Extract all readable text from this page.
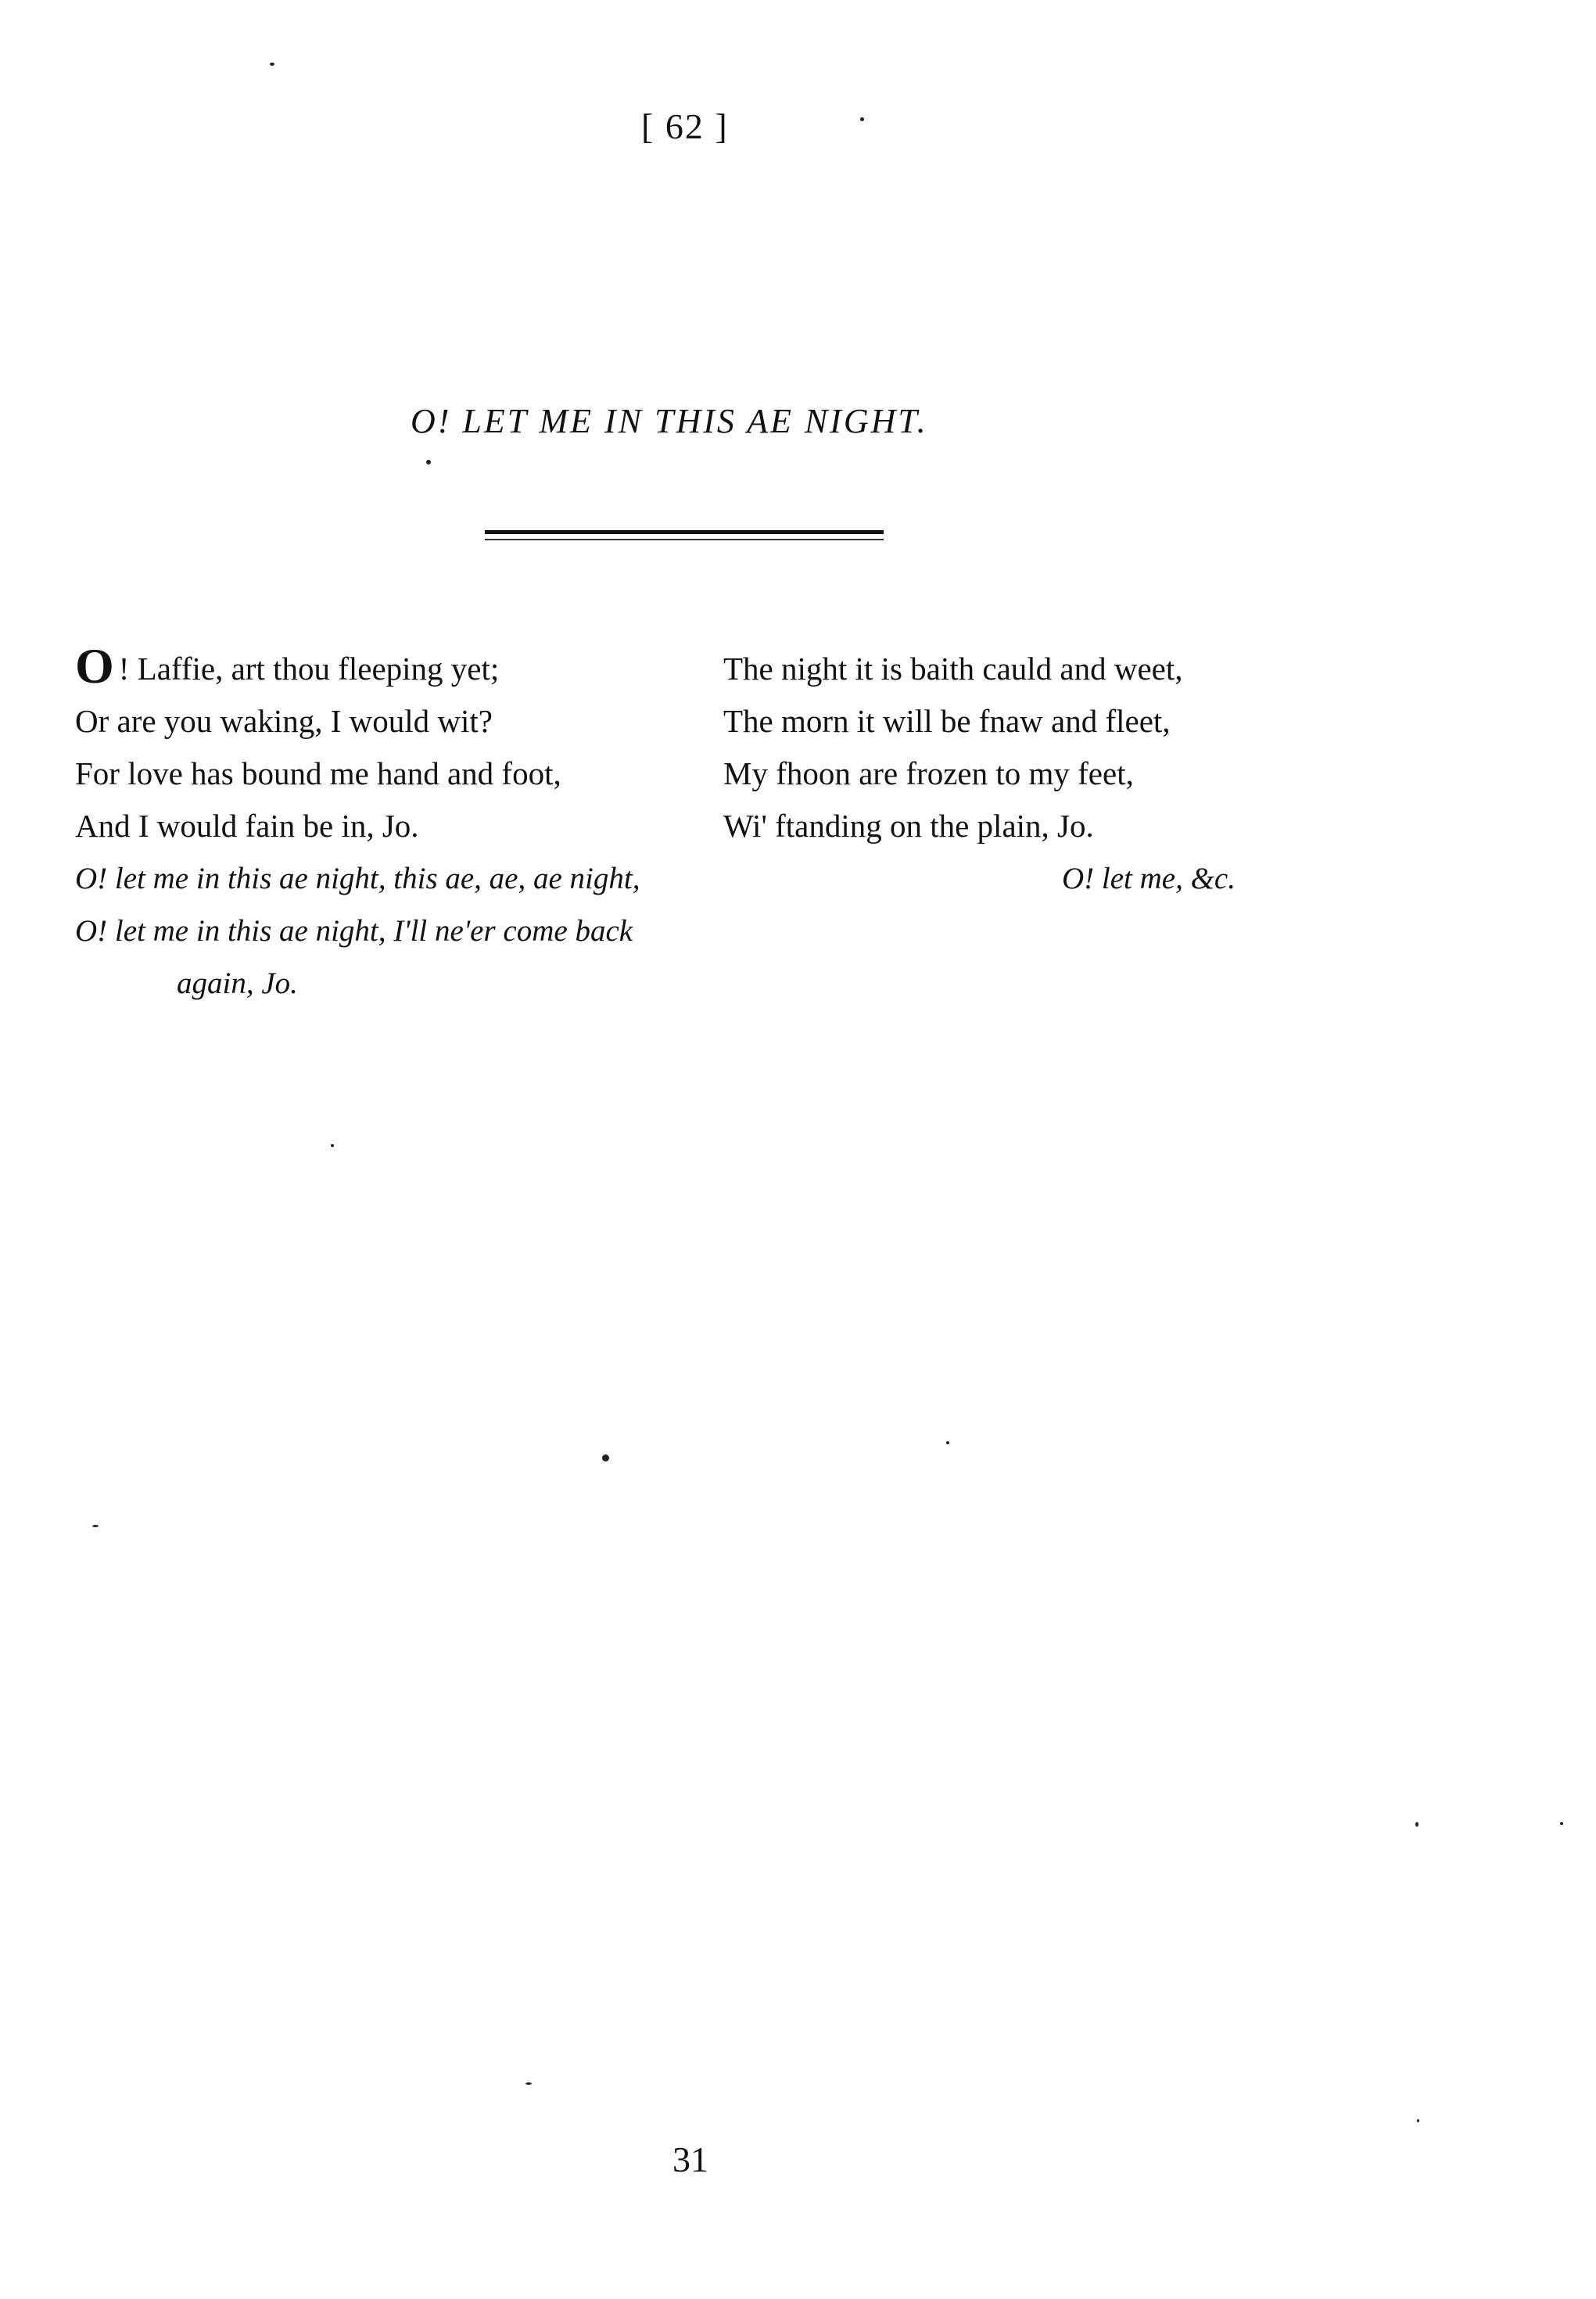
[ 62 ]
O! LET ME IN THIS AE NIGHT.
O ! Laffie, art thou fleeping yet;
Or are you waking, I would wit?
For love has bound me hand and foot,
And I would fain be in, Jo.
O! let me in this ae night, this ae, ae, ae night,
O! let me in this ae night, I'll ne'er come back
again, Jo.
The night it is baith cauld and weet,
The morn it will be fnaw and fleet,
My fhoon are frozen to my feet,
Wi' ftanding on the plain, Jo.
O! let me, &c.
31
